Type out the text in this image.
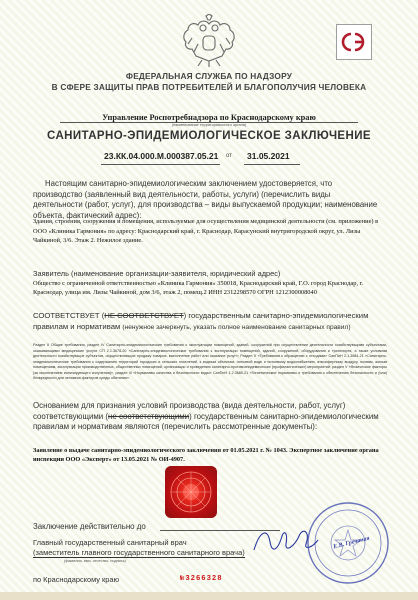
ФЕДЕРАЛЬНАЯ СЛУЖБА ПО НАДЗОРУ
В СФЕРЕ ЗАЩИТЫ ПРАВ ПОТРЕБИТЕЛЕЙ И БЛАГОПОЛУЧИЯ ЧЕЛОВЕКА
Управление Роспотребнадзора по Краснодарскому краю
(наименование территориального органа)
САНИТАРНО-ЭПИДЕМИОЛОГИЧЕСКОЕ ЗАКЛЮЧЕНИЕ
23.КК.04.000.М.000387.05.21 от 31.05.2021
Настоящим санитарно-эпидемиологическим заключением удостоверяется, что производство (заявленный вид деятельности, работы, услуги) (перечислить виды деятельности (работ, услуг), для производства – виды выпускаемой продукции; наименование объекта, фактический адрес):
Здания, строения, сооружения и помещения, используемые для осуществления медицинской деятельности (см. приложение) в ООО «Клиника Гармония» по адресу: Краснодарский край, г. Краснодар, Карасунский внутригородской округ, ул. Лизы Чайкиной, 3/6. Этаж 2. Нежилое здание.
Заявитель (наименование организации-заявителя, юридический адрес)
Общество с ограниченной ответственностью «Клиника Гармония» 350018, Краснодарский край, Г.О. город Краснодар, г. Краснодар, улица им. Лизы Чайкиной, дом 3/6, этаж 2, помещ.2 ИНН 2312298570 ОГРН 1212300008040
СООТВЕТСТВУЕТ (НЕ СООТВЕТСТВУЕТ) государственным санитарно-эпидемиологическим правилам и нормативам (ненужное зачеркнуть, указать полное наименование санитарных правил)
Раздел II Общие требования, раздел IV Санитарно-эпидемиологические требования к эксплуатации помещений, зданий, сооружений при осуществлении деятельности хозяйствующими субъектами, оказывающими медицинские услуги СП 2.1.3678-20 «Санитарно-эпидемиологические требования к эксплуатации помещений, зданий, сооружений, оборудования и транспорта, а также условиям деятельности хозяйствующих субъектов, осуществляющих продажу товаров, выполнение работ или оказание услуг»; Раздел X «Требования к обращению с отходами» СанПиН 2.1.3684-21 «Санитарно-эпидемиологические требования к содержанию территорий городских и сельских поселений, к водным объектам, питьевой воде и питьевому водоснабжению, атмосферному воздуху, почвам, жилым помещениям, эксплуатации производственных, общественных помещений, организации и проведению санитарно-противоэпидемических (профилактических) мероприятий; раздел V «Физические факторы (за исключением ионизирующего излучения)», раздел III «Нормативы качества и безопасности воды» СанПиН 1.2.3685-21 «Гигиенические нормативы и требования к обеспечению безопасности и (или) безвредности для человека факторов среды обитания».
Основанием для признания условий производства (вида деятельности, работ, услуг) соответствующими (не соответствующими) государственным санитарно-эпидемиологическим правилам и нормативам являются (перечислить рассмотренные документы):
Заявление о выдаче санитарно-эпидемиологического заключения от 01.05.2021 г. № 1043. Экспертное заключение органа инспекции ООО «Эксперт» от 13.05.2021 № ОИ-4907.
Заключение действительно до
Главный государственный санитарный врач
(заместитель главного государственного санитарного врача)
(фамилия, имя, отчество, подпись)
по Краснодарскому краю	№3266328
Е.В. Гречаная
